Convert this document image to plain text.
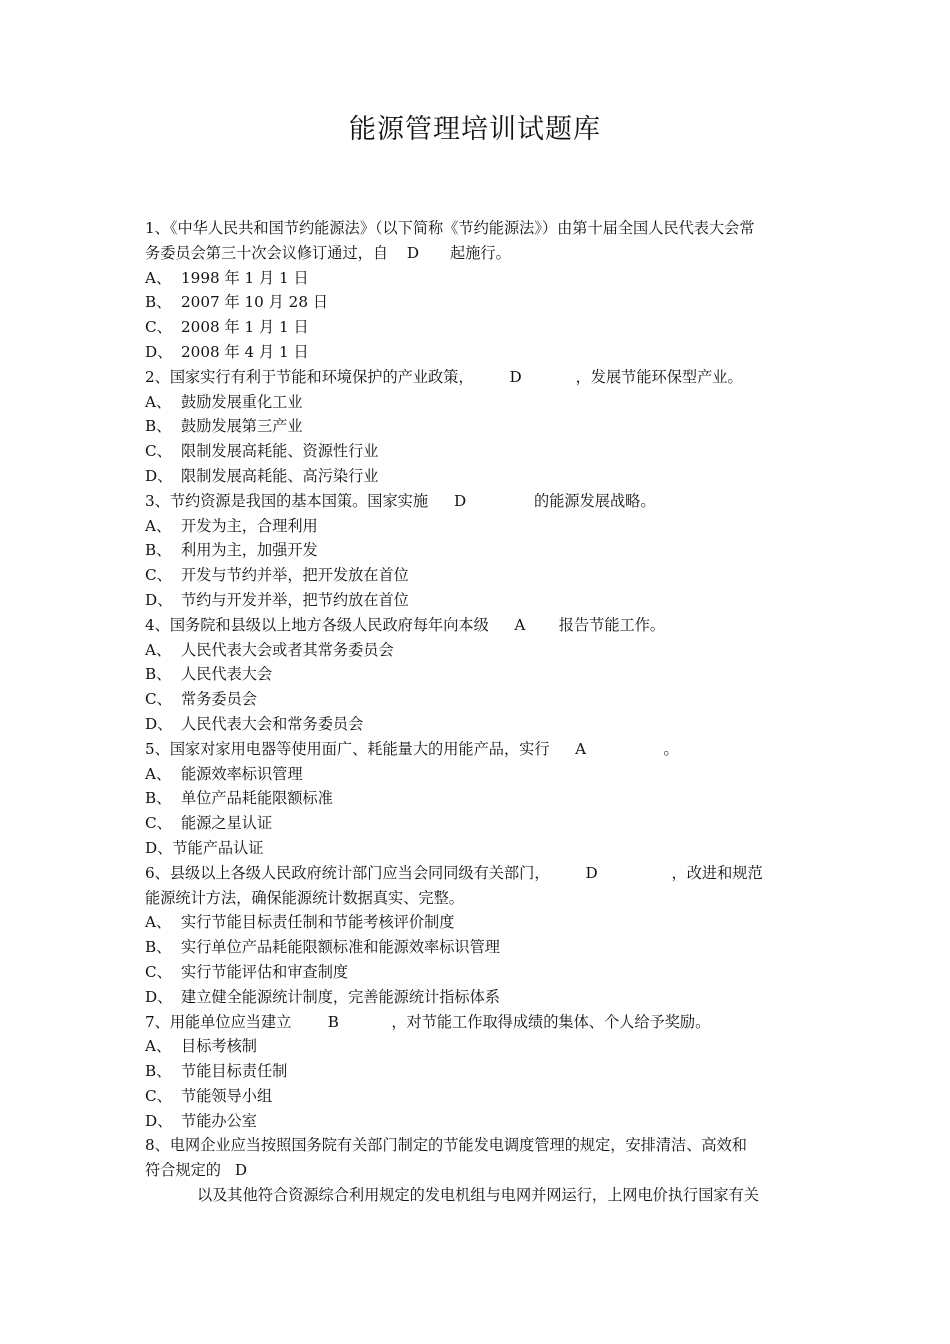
能源管理培训试题库
1、《中华人民共和国节约能源法》（以下简称《节约能源法》）由第十届全国人民代表大会常
务委员会第三十次会议修订通过，自 D 起施行。
A、 1998 年 1 月 1 日
B、 2007 年 10 月 28 日
C、 2008 年 1 月 1 日
D、 2008 年 4 月 1 日
2、国家实行有利于节能和环境保护的产业政策， D	，发展节能环保型产业。
A、 鼓励发展重化工业
B、 鼓励发展第三产业
C、 限制发展高耗能、资源性行业
D、 限制发展高耗能、高污染行业
3、节约资源是我国的基本国策。国家实施 D	的能源发展战略。
A、 开发为主，合理利用
B、 利用为主，加强开发
C、 开发与节约并举，把开发放在首位
D、 节约与开发并举，把节约放在首位
4、国务院和县级以上地方各级人民政府每年向本级 A 报告节能工作。
A、 人民代表大会或者其常务委员会
B、 人民代表大会
C、 常务委员会
D、 人民代表大会和常务委员会
5、国家对家用电器等使用面广、耗能量大的用能产品，实行 A	。
A、 能源效率标识管理
B、 单位产品耗能限额标准
C、 能源之星认证
D、节能产品认证
6、县级以上各级人民政府统计部门应当会同同级有关部门， D	，改进和规范
能源统计方法，确保能源统计数据真实、完整。
A、 实行节能目标责任制和节能考核评价制度
B、 实行单位产品耗能限额标准和能源效率标识管理
C、 实行节能评估和审查制度
D、 建立健全能源统计制度，完善能源统计指标体系
7、用能单位应当建立 B	，对节能工作取得成绩的集体、个人给予奖励。
A、 目标考核制
B、 节能目标责任制
C、 节能领导小组
D、 节能办公室
8、电网企业应当按照国务院有关部门制定的节能发电调度管理的规定，安排清洁、高效和
符合规定的 D
以及其他符合资源综合利用规定的发电机组与电网并网运行，上网电价执行国家有关
